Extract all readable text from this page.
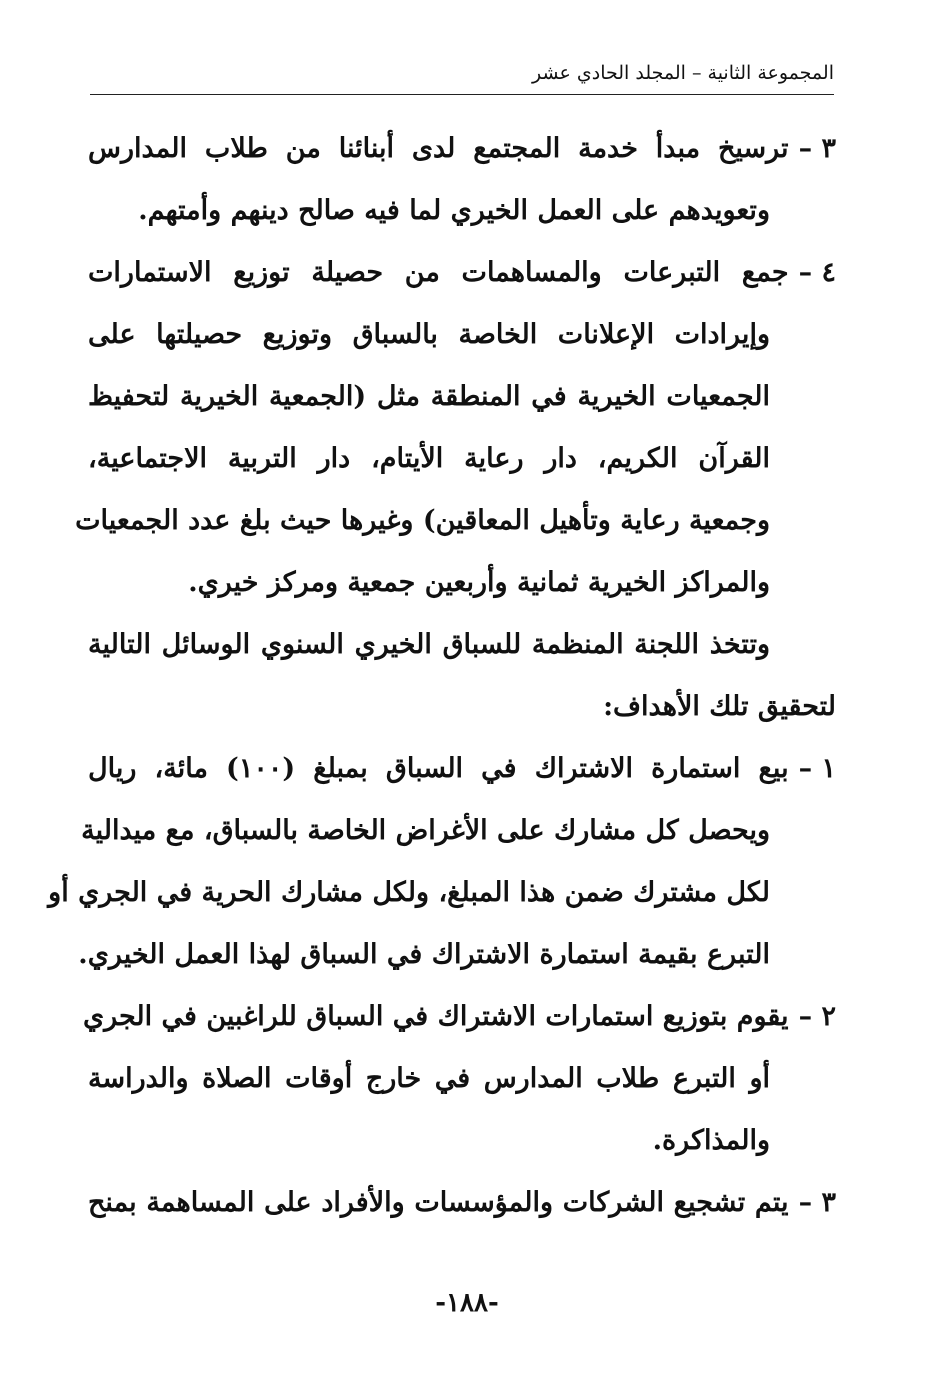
المجموعة الثانية – المجلد الحادي عشر
٣ –ترسيخ مبدأ خدمة المجتمع لدى أبنائنا من طلاب المدارس
وتعويدهم على العمل الخيري لما فيه صالح دينهم وأمتهم.
٤ –جمع التبرعات والمساهمات من حصيلة توزيع الاستمارات
وإيرادات الإعلانات الخاصة بالسباق وتوزيع حصيلتها على
الجمعيات الخيرية في المنطقة مثل (الجمعية الخيرية لتحفيظ
القرآن الكريم، دار رعاية الأيتام، دار التربية الاجتماعية،
وجمعية رعاية وتأهيل المعاقين) وغيرها حيث بلغ عدد الجمعيات
والمراكز الخيرية ثمانية وأربعين جمعية ومركز خيري.
وتتخذ اللجنة المنظمة للسباق الخيري السنوي الوسائل التالية
لتحقيق تلك الأهداف:
١ –بيع استمارة الاشتراك في السباق بمبلغ (١٠٠) مائة، ريال
ويحصل كل مشارك على الأغراض الخاصة بالسباق، مع ميدالية
لكل مشترك ضمن هذا المبلغ، ولكل مشارك الحرية في الجري أو
التبرع بقيمة استمارة الاشتراك في السباق لهذا العمل الخيري.
٢ –يقوم بتوزيع استمارات الاشتراك في السباق للراغبين في الجري
أو التبرع طلاب المدارس في خارج أوقات الصلاة والدراسة
والمذاكرة.
٣ –يتم تشجيع الشركات والمؤسسات والأفراد على المساهمة بمنح
-١٨٨-
